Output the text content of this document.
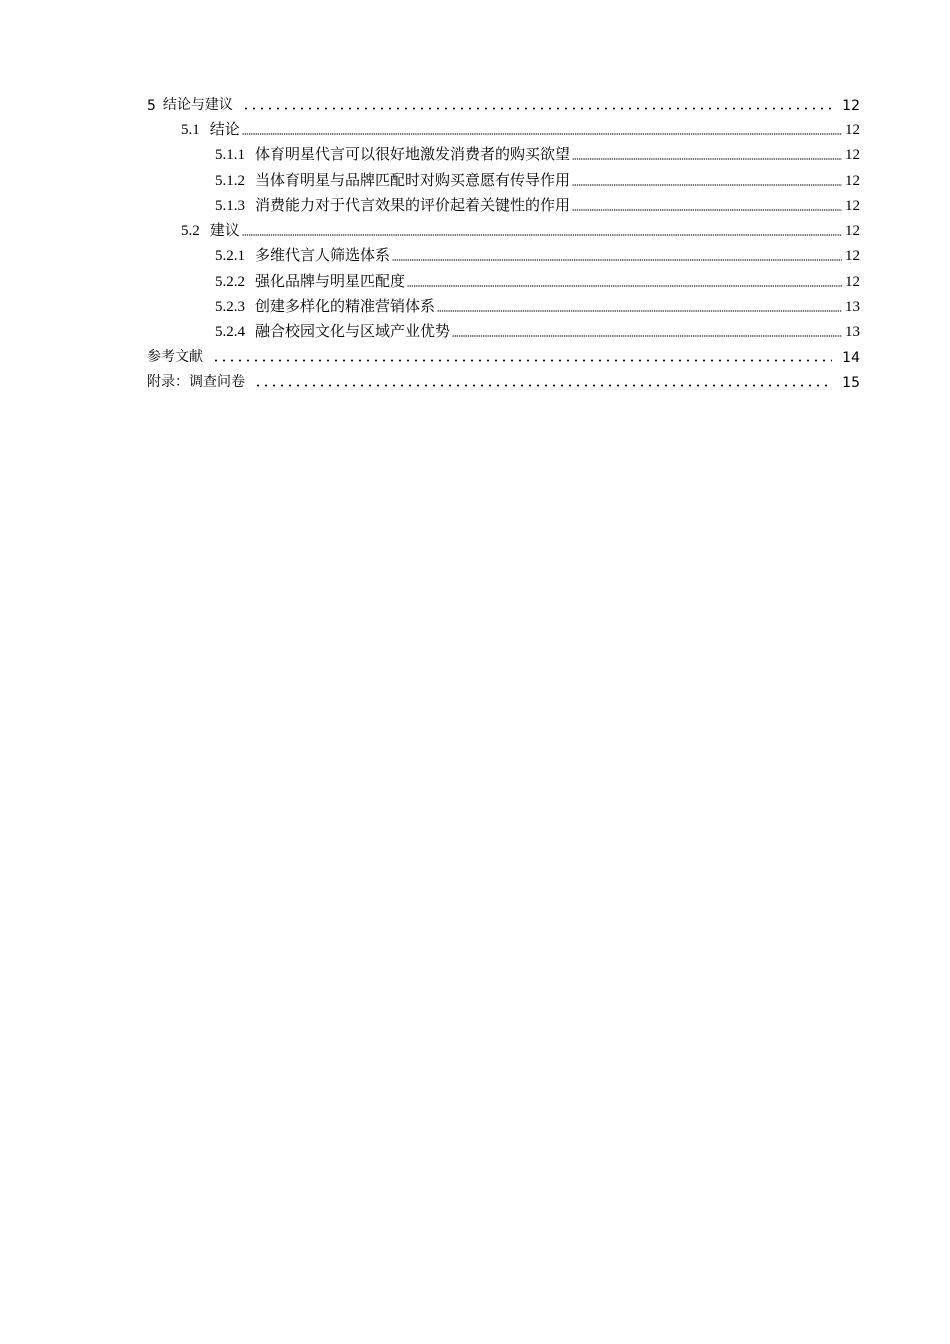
5 结论与建议	12
5.1 结论	12
5.1.1 体育明星代言可以很好地激发消费者的购买欲望	12
5.1.2 当体育明星与品牌匹配时对购买意愿有传导作用	12
5.1.3 消费能力对于代言效果的评价起着关键性的作用	12
5.2 建议	12
5.2.1 多维代言人筛选体系	12
5.2.2 强化品牌与明星匹配度	12
5.2.3 创建多样化的精准营销体系	13
5.2.4 融合校园文化与区域产业优势	13
参考文献	14
附录：调查问卷	15
